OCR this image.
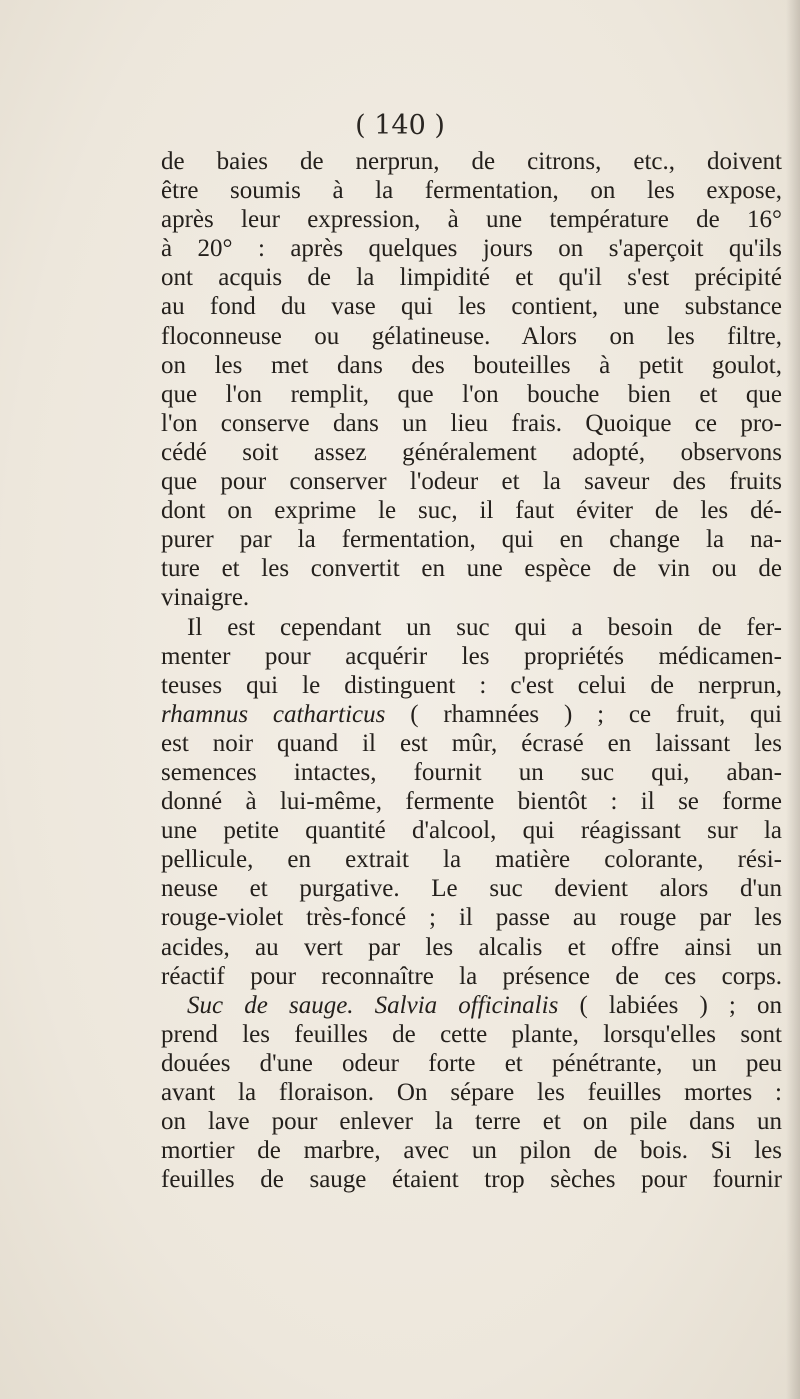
( 140 )
de baies de nerprun, de citrons, etc., doivent
être soumis à la fermentation, on les expose,
après leur expression, à une température de 16°
à 20° : après quelques jours on s'aperçoit qu'ils
ont acquis de la limpidité et qu'il s'est précipité
au fond du vase qui les contient, une substance
floconneuse ou gélatineuse. Alors on les filtre,
on les met dans des bouteilles à petit goulot,
que l'on remplit, que l'on bouche bien et que
l'on conserve dans un lieu frais. Quoique ce pro-
cédé soit assez généralement adopté, observons
que pour conserver l'odeur et la saveur des fruits
dont on exprime le suc, il faut éviter de les dé-
purer par la fermentation, qui en change la na-
ture et les convertit en une espèce de vin ou de
vinaigre.
Il est cependant un suc qui a besoin de fer-
menter pour acquérir les propriétés médicamen-
teuses qui le distinguent : c'est celui de nerprun,
rhamnus catharticus ( rhamnées ) ; ce fruit, qui
est noir quand il est mûr, écrasé en laissant les
semences intactes, fournit un suc qui, aban-
donné à lui-même, fermente bientôt : il se forme
une petite quantité d'alcool, qui réagissant sur la
pellicule, en extrait la matière colorante, rési-
neuse et purgative. Le suc devient alors d'un
rouge-violet très-foncé ; il passe au rouge par les
acides, au vert par les alcalis et offre ainsi un
réactif pour reconnaître la présence de ces corps.
Suc de sauge. Salvia officinalis ( labiées ) ; on
prend les feuilles de cette plante, lorsqu'elles sont
douées d'une odeur forte et pénétrante, un peu
avant la floraison. On sépare les feuilles mortes :
on lave pour enlever la terre et on pile dans un
mortier de marbre, avec un pilon de bois. Si les
feuilles de sauge étaient trop sèches pour fournir
